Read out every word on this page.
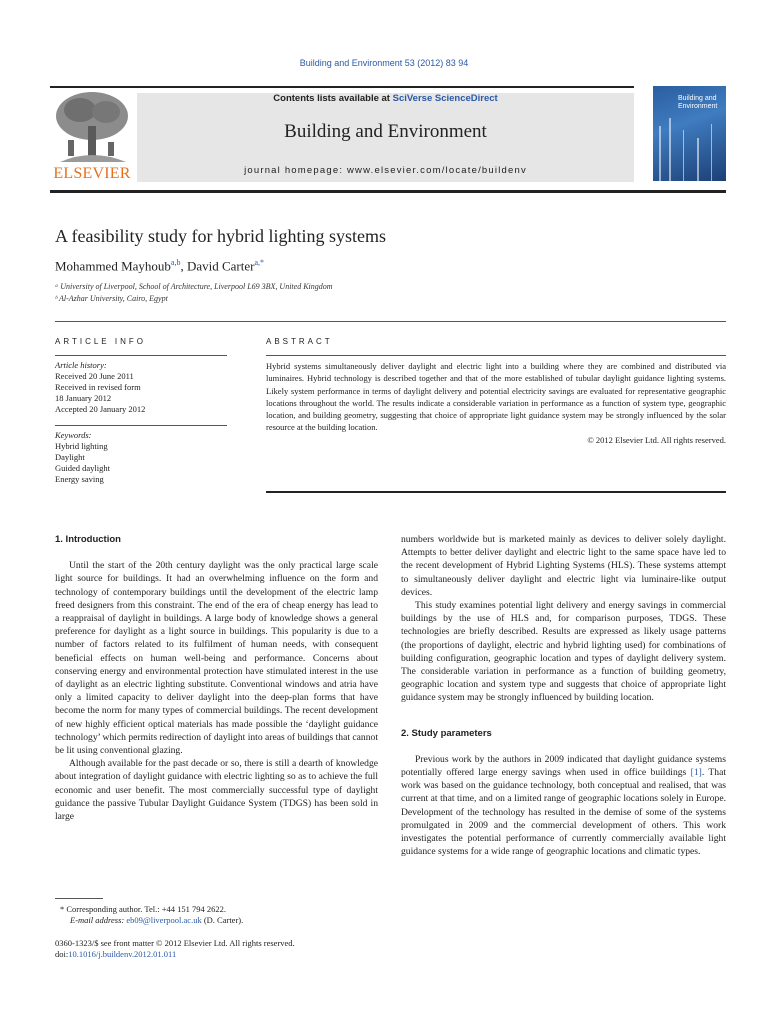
Building and Environment 53 (2012) 83 94
ELSEVIER
Contents lists available at SciVerse ScienceDirect
Building and Environment
journal homepage: www.elsevier.com/locate/buildenv
Building and Environment
A feasibility study for hybrid lighting systems
Mohammed Mayhoub$^{a,b}$, David Carter$^{a,*}$
ᵃ University of Liverpool, School of Architecture, Liverpool L69 3BX, United Kingdom
ᵇ Al-Azhar University, Cairo, Egypt
ARTICLE INFO
Article history:
Received 20 June 2011
Received in revised form
18 January 2012
Accepted 20 January 2012
Keywords:
Hybrid lighting
Daylight
Guided daylight
Energy saving
ABSTRACT
Hybrid systems simultaneously deliver daylight and electric light into a building where they are combined and distributed via luminaires. Hybrid technology is described together and that of the more established of tubular daylight guidance lighting systems. Likely system performance in terms of daylight delivery and potential electricity savings are evaluated for representative geographic locations throughout the world. The results indicate a considerable variation in performance as a function of system type, geographic location, and building geometry, suggesting that choice of appropriate light guidance system may be strongly influenced by the solar resource at the building location.
© 2012 Elsevier Ltd. All rights reserved.
1. Introduction

Until the start of the 20th century daylight was the only practical large scale light source for buildings. It had an overwhelming influence on the form and technology of contemporary buildings until the development of the electric lamp freed designers from this constraint. The end of the era of cheap energy has lead to a reappraisal of daylight in buildings. A large body of knowledge shows a general preference for daylight as a light source in buildings. This popularity is due to a number of factors related to its fulfilment of human needs, with consequent beneficial effects on human well-being and performance. Concerns about conserving energy and environmental protection have stimulated interest in the use of daylight as an electric lighting substitute. Conventional windows and atria have only a limited capacity to deliver daylight into the deep-plan forms that have become the norm for many types of commercial buildings. The recent development of new highly efficient optical materials has made possible the ‘daylight guidance technology’ which permits redirection of daylight into areas of buildings that cannot be lit using conventional glazing.

Although available for the past decade or so, there is still a dearth of knowledge about integration of daylight guidance with electric lighting so as to achieve the full economic and user benefit. The most commercially successful type of daylight guidance the passive Tubular Daylight Guidance System (TDGS) has been sold in large

numbers worldwide but is marketed mainly as devices to deliver solely daylight. Attempts to better deliver daylight and electric light to the same space have led to the recent development of Hybrid Lighting Systems (HLS). These systems attempt to simultaneously deliver daylight and electric light via luminaire-like output devices.

This study examines potential light delivery and energy savings in commercial buildings by the use of HLS and, for comparison purposes, TDGS. These technologies are briefly described. Results are expressed as likely usage patterns (the proportions of daylight, electric and hybrid lighting used) for combinations of building configuration, geographic location and types of daylight delivery system. The considerable variation in performance as a function of building geometry, geographic location and system type and suggests that choice of appropriate light guidance system may be strongly influenced by building location.

2. Study parameters

Previous work by the authors in 2009 indicated that daylight guidance systems potentially offered large energy savings when used in office buildings [1]. That work was based on the guidance technology, both conceptual and realised, that was current at that time, and on a limited range of geographic locations solely in Europe. Development of the technology has resulted in the demise of some of the systems promulgated in 2009 and the commercial development of others. This work investigates the potential performance of currently commercially available light guidance systems for a wide range of geographic locations and climatic types.

* Corresponding author. Tel.: +44 151 794 2622.
E-mail address: eb09@liverpool.ac.uk (D. Carter).
0360-1323/$ see front matter © 2012 Elsevier Ltd. All rights reserved.
doi:10.1016/j.buildenv.2012.01.011
